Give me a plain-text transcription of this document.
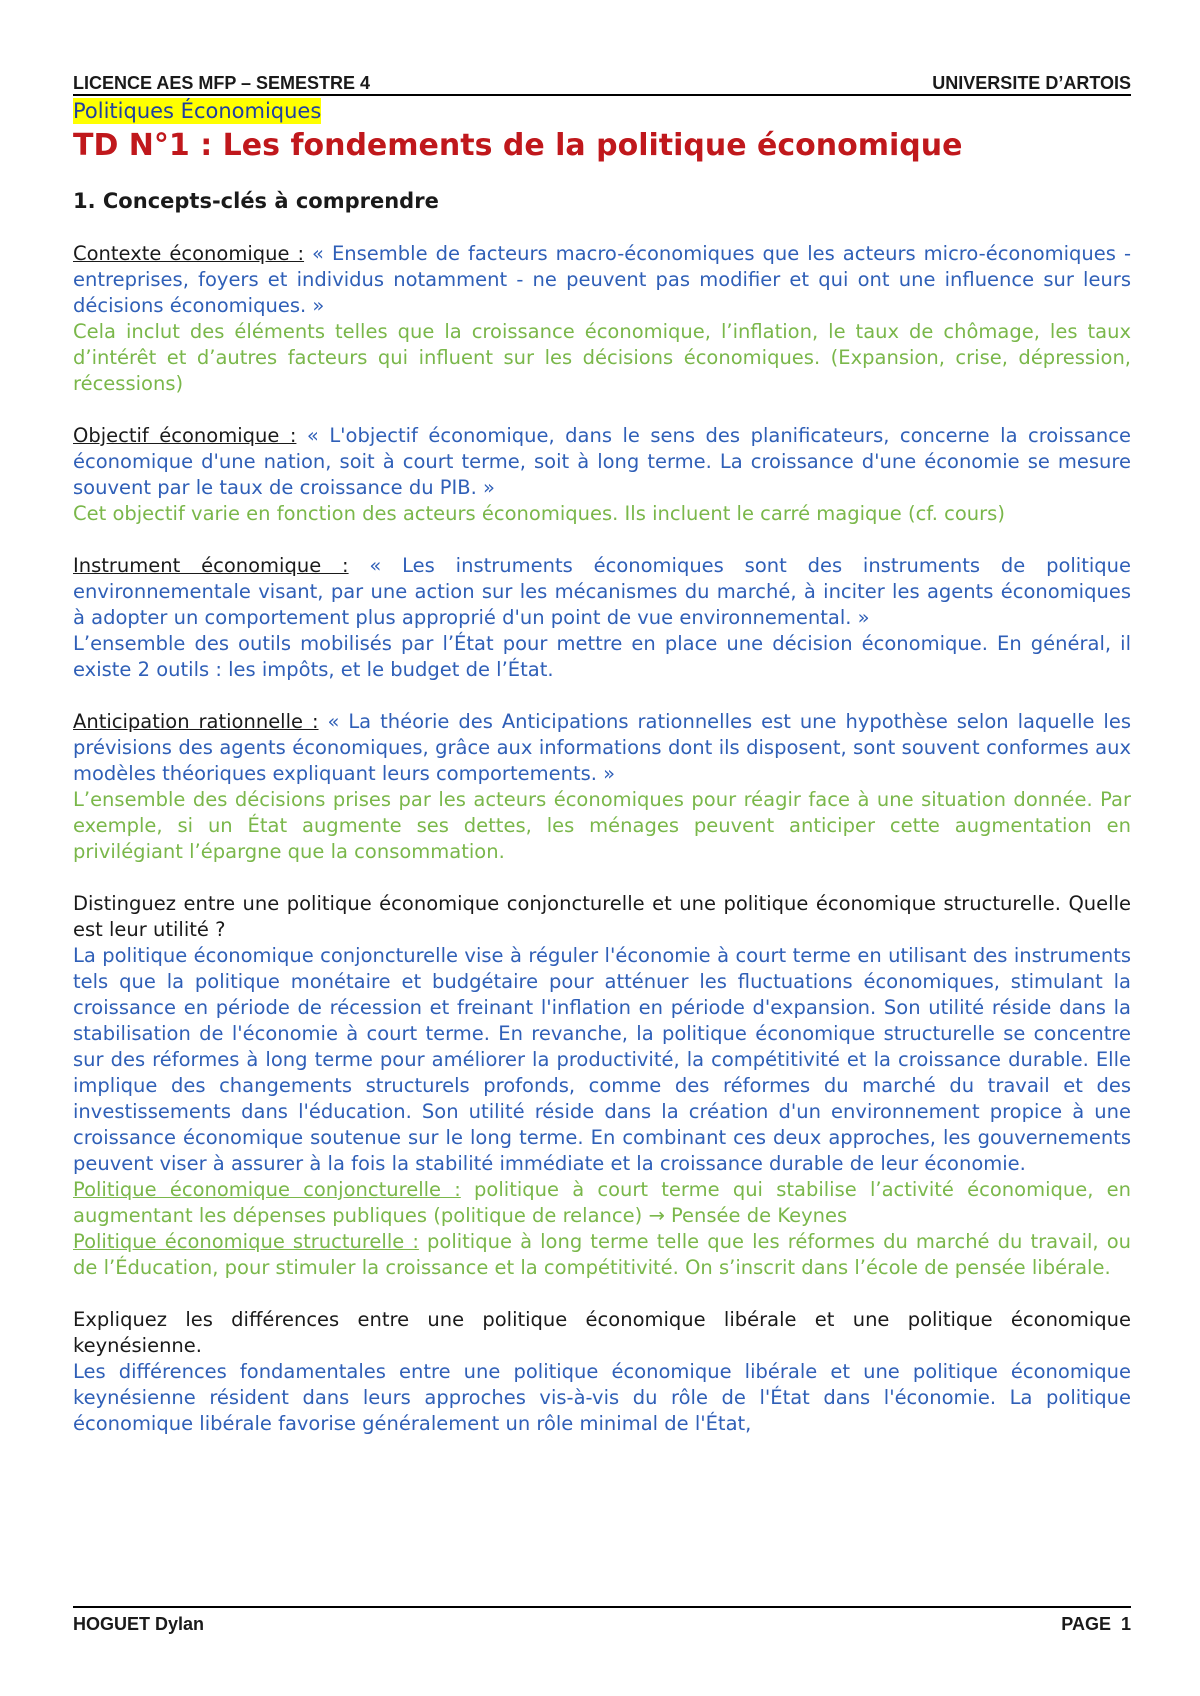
LICENCE AES MFP – SEMESTRE 4	UNIVERSITE D’ARTOIS
Politiques Économiques
TD N°1 : Les fondements de la politique économique
1. Concepts-clés à comprendre

Contexte économique : « Ensemble de facteurs macro-économiques que les acteurs micro-économiques - entreprises, foyers et individus notamment - ne peuvent pas modifier et qui ont une influence sur leurs décisions économiques. »

Cela inclut des éléments telles que la croissance économique, l’inflation, le taux de chômage, les taux d’intérêt et d’autres facteurs qui influent sur les décisions économiques. (Expansion, crise, dépression, récessions)

Objectif économique : « L'objectif économique, dans le sens des planificateurs, concerne la croissance économique d'une nation, soit à court terme, soit à long terme. La croissance d'une économie se mesure souvent par le taux de croissance du PIB. »

Cet objectif varie en fonction des acteurs économiques. Ils incluent le carré magique (cf. cours)

Instrument économique : « Les instruments économiques sont des instruments de politique environnementale visant, par une action sur les mécanismes du marché, à inciter les agents économiques à adopter un comportement plus approprié d'un point de vue environnemental. »

L’ensemble des outils mobilisés par l’État pour mettre en place une décision économique. En général, il existe 2 outils : les impôts, et le budget de l’État.

Anticipation rationnelle : « La théorie des Anticipations rationnelles est une hypothèse selon laquelle les prévisions des agents économiques, grâce aux informations dont ils disposent, sont souvent conformes aux modèles théoriques expliquant leurs comportements. »

L’ensemble des décisions prises par les acteurs économiques pour réagir face à une situation donnée. Par exemple, si un État augmente ses dettes, les ménages peuvent anticiper cette augmentation en privilégiant l’épargne que la consommation.

Distinguez entre une politique économique conjoncturelle et une politique économique structurelle. Quelle est leur utilité ?

La politique économique conjoncturelle vise à réguler l'économie à court terme en utilisant des instruments tels que la politique monétaire et budgétaire pour atténuer les fluctuations économiques, stimulant la croissance en période de récession et freinant l'inflation en période d'expansion. Son utilité réside dans la stabilisation de l'économie à court terme. En revanche, la politique économique structurelle se concentre sur des réformes à long terme pour améliorer la productivité, la compétitivité et la croissance durable. Elle implique des changements structurels profonds, comme des réformes du marché du travail et des investissements dans l'éducation. Son utilité réside dans la création d'un environnement propice à une croissance économique soutenue sur le long terme. En combinant ces deux approches, les gouvernements peuvent viser à assurer à la fois la stabilité immédiate et la croissance durable de leur économie.

Politique économique conjoncturelle : politique à court terme qui stabilise l’activité économique, en augmentant les dépenses publiques (politique de relance) → Pensée de Keynes

Politique économique structurelle : politique à long terme telle que les réformes du marché du travail, ou de l’Éducation, pour stimuler la croissance et la compétitivité. On s’inscrit dans l’école de pensée libérale.

Expliquez les différences entre une politique économique libérale et une politique économique keynésienne.

Les différences fondamentales entre une politique économique libérale et une politique économique keynésienne résident dans leurs approches vis-à-vis du rôle de l'État dans l'économie. La politique économique libérale favorise généralement un rôle minimal de l'État,

HOGUET Dylan	PAGE 1
